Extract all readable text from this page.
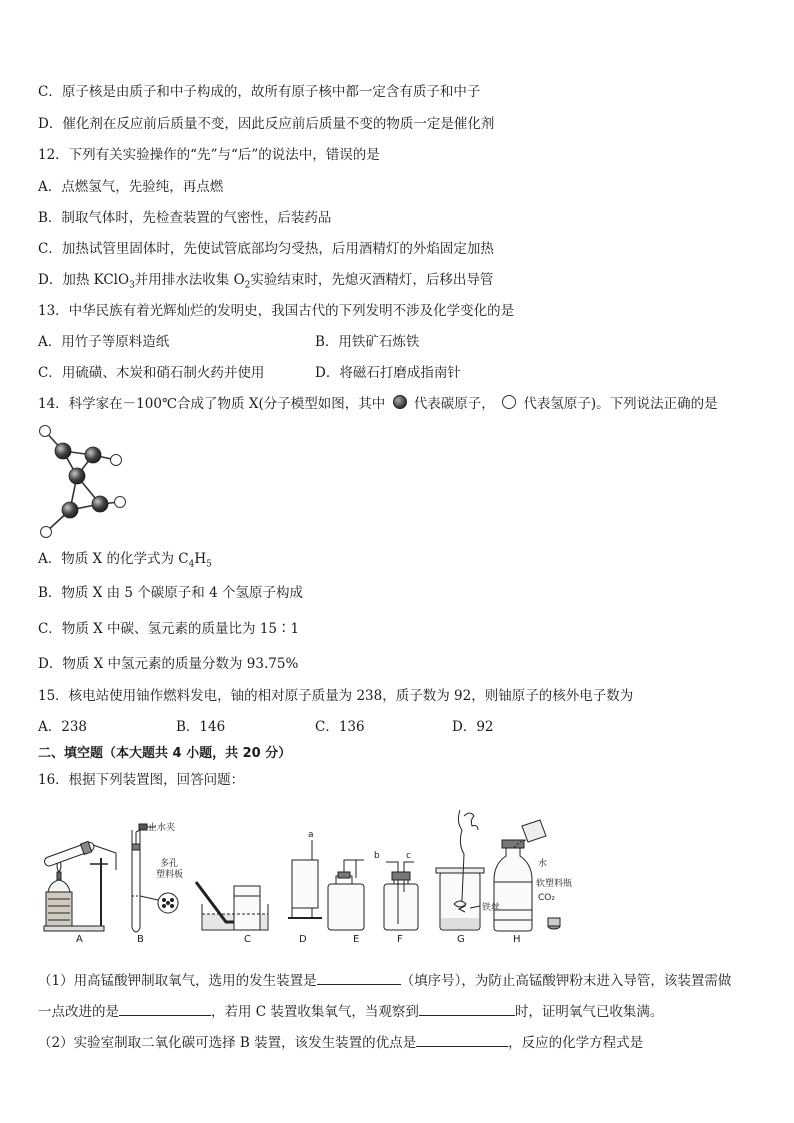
C．原子核是由质子和中子构成的，故所有原子核中都一定含有质子和中子
D．催化剂在反应前后质量不变，因此反应前后质量不变的物质一定是催化剂
12．下列有关实验操作的“先”与“后”的说法中，错误的是
A．点燃氢气，先验纯，再点燃
B．制取气体时，先检查装置的气密性，后装药品
C．加热试管里固体时，先使试管底部均匀受热，后用酒精灯的外焰固定加热
D．加热 KClO$_3$并用排水法收集 $O_2$实验结束时，先熄灭酒精灯，后移出导管
13．中华民族有着光辉灿烂的发明史，我国古代的下列发明不涉及化学变化的是
A．用竹子等原料造纸	B．用铁矿石炼铁
C．用硫磺、木炭和硝石制火药并使用	D．将磁石打磨成指南针
14．科学家在－100℃合成了物质 X(分子模型如图，其中 代表碳原子， 代表氢原子)。下列说法正确的是
A．物质 X 的化学式为 $C_4H_5$
B．物质 X 由 5 个碳原子和 4 个氢原子构成
C．物质 X 中碳、氢元素的质量比为 15∶1
D．物质 X 中氢元素的质量分数为 93.75%
15．核电站使用铀作燃料发电，铀的相对原子质量为 238，质子数为 92，则铀原子的核外电子数为
A．238	B．146	C．136	D．92
二、填空题（本大题共 4 小题，共 20 分）
16．根据下列装置图，回答问题：
A	B	C	D	E	F	G	H
止水夹
多孔
塑料板
a
b	c
铁丝
水
软塑料瓶
CO₂
（1）用高锰酸钾制取氧气，选用的发生装置是	（填序号），为防止高锰酸钾粉末进入导管，该装置需做
一点改进的是	，若用 C 装置收集氧气，当观察到	时，证明氧气已收集满。
（2）实验室制取二氧化碳可选择 B 装置，该发生装置的优点是	，反应的化学方程式是
